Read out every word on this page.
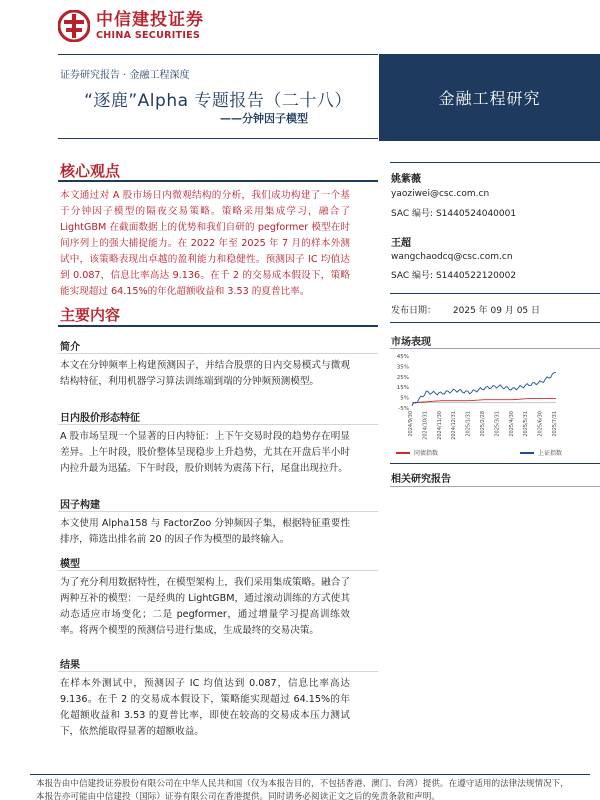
中信建投证券
CHINA SECURITIES
证券研究报告 · 金融工程深度
“逐鹿”Alpha 专题报告（二十八）
——分钟因子模型
金融工程研究
核心观点
本文通过对 A 股市场日内微观结构的分析，我们成功构建了一个基于分钟因子模型的隔夜交易策略。策略采用集成学习，融合了 LightGBM 在截面数据上的优势和我们自研的 pegformer 模型在时间序列上的强大捕捉能力。在 2022 年至 2025 年 7 月的样本外测试中，该策略表现出卓越的盈利能力和稳健性。预测因子 IC 均值达到 0.087，信息比率高达 9.136。在千 2 的交易成本假设下，策略能实现超过 64.15%的年化超额收益和 3.53 的夏普比率。
主要内容
简介
本文在分钟频率上构建预测因子，并结合股票的日内交易模式与微观结构特征，利用机器学习算法训练端到端的分钟频预测模型。
日内股价形态特征
A 股市场呈现一个显著的日内特征：上下午交易时段的趋势存在明显差异。上午时段，股价整体呈现稳步上升趋势，尤其在开盘后半小时内拉升最为迅猛。下午时段，股价则转为震荡下行，尾盘出现拉升。
因子构建
本文使用 Alpha158 与 FactorZoo 分钟频因子集，根据特征重要性排序，筛选出排名前 20 的因子作为模型的最终输入。
模型
为了充分利用数据特性，在模型架构上，我们采用集成策略。融合了两种互补的模型：一是经典的 LightGBM，通过滚动训练的方式使其动态适应市场变化；二是 pegformer，通过增量学习提高训练效率。将两个模型的预测信号进行集成，生成最终的交易决策。
结果
在样本外测试中，预测因子 IC 均值达到 0.087，信息比率高达 9.136。在千 2 的交易成本假设下，策略能实现超过 64.15%的年化超额收益和 3.53 的夏普比率，即使在较高的交易成本压力测试下，依然能取得显著的超额收益。
姚紫薇
yaoziwei@csc.com.cn
SAC 编号: S1440524040001
王超
wangchaodcq@csc.com.cn
SAC 编号: S1440522120002
发布日期： 2025 年 09 月 05 日
市场表现
45%
35%
25%
15%
5%
-5%
2024/9/30 2024/10/31 2024/11/30 2024/12/31 2025/1/31 2025/2/28 2025/3/31 2025/4/30 2025/5/31 2025/6/30 2025/7/31
同债指数	上证指数
相关研究报告
本报告由中信建投证券股份有限公司在中华人民共和国（仅为本报告目的，不包括香港、澳门、台湾）提供。在遵守适用的法律法规情况下，
本报告亦可能由中信建投（国际）证券有限公司在香港提供。同时请务必阅读正文之后的免责条款和声明。
